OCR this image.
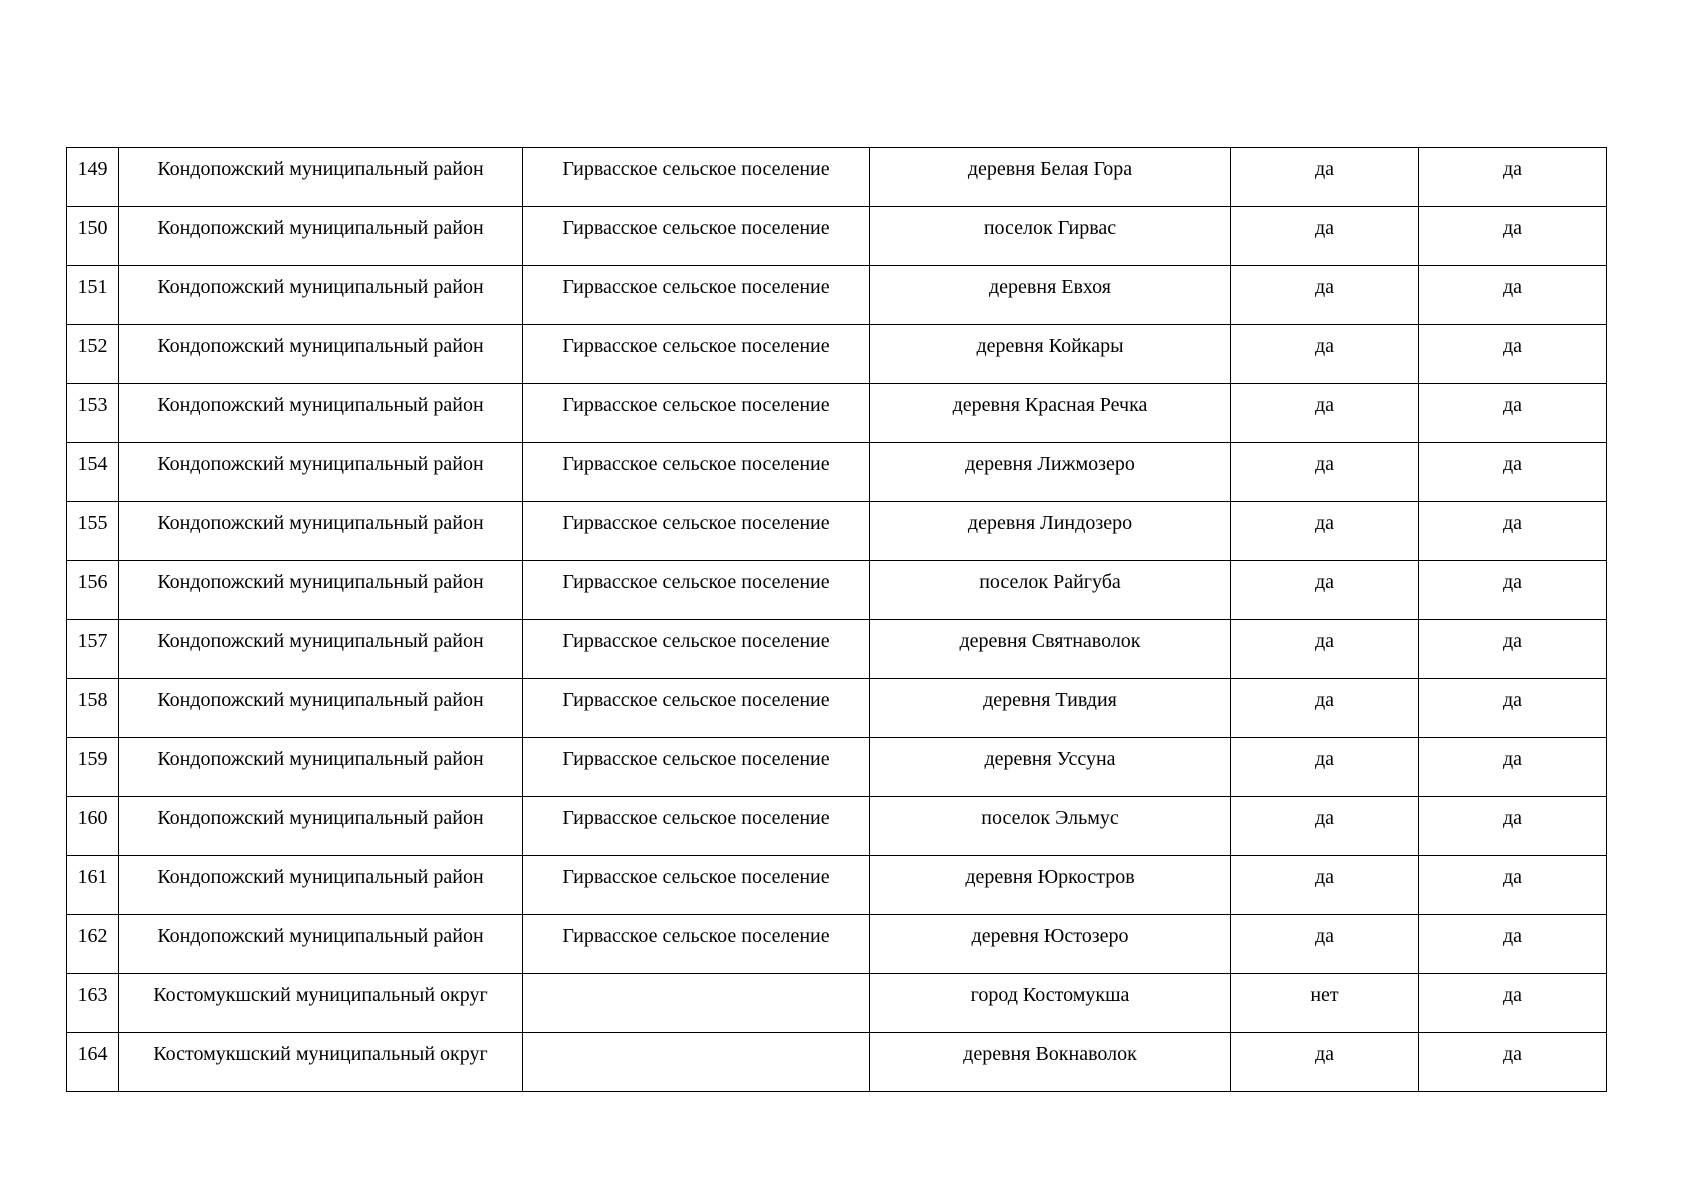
149	Кондопожский муниципальный район	Гирвасское сельское поселение	деревня Белая Гора	да	да

150	Кондопожский муниципальный район	Гирвасское сельское поселение	поселок Гирвас	да	да

151	Кондопожский муниципальный район	Гирвасское сельское поселение	деревня Евхоя	да	да

152	Кондопожский муниципальный район	Гирвасское сельское поселение	деревня Койкары	да	да

153	Кондопожский муниципальный район	Гирвасское сельское поселение	деревня Красная Речка	да	да

154	Кондопожский муниципальный район	Гирвасское сельское поселение	деревня Лижмозеро	да	да

155	Кондопожский муниципальный район	Гирвасское сельское поселение	деревня Линдозеро	да	да

156	Кондопожский муниципальный район	Гирвасское сельское поселение	поселок Райгуба	да	да

157	Кондопожский муниципальный район	Гирвасское сельское поселение	деревня Святнаволок	да	да

158	Кондопожский муниципальный район	Гирвасское сельское поселение	деревня Тивдия	да	да

159	Кондопожский муниципальный район	Гирвасское сельское поселение	деревня Уссуна	да	да

160	Кондопожский муниципальный район	Гирвасское сельское поселение	поселок Эльмус	да	да

161	Кондопожский муниципальный район	Гирвасское сельское поселение	деревня Юркостров	да	да

162	Кондопожский муниципальный район	Гирвасское сельское поселение	деревня Юстозеро	да	да

163	Костомукшский муниципальный округ		город Костомукша	нет	да

164	Костомукшский муниципальный округ		деревня Вокнаволок	да	да
